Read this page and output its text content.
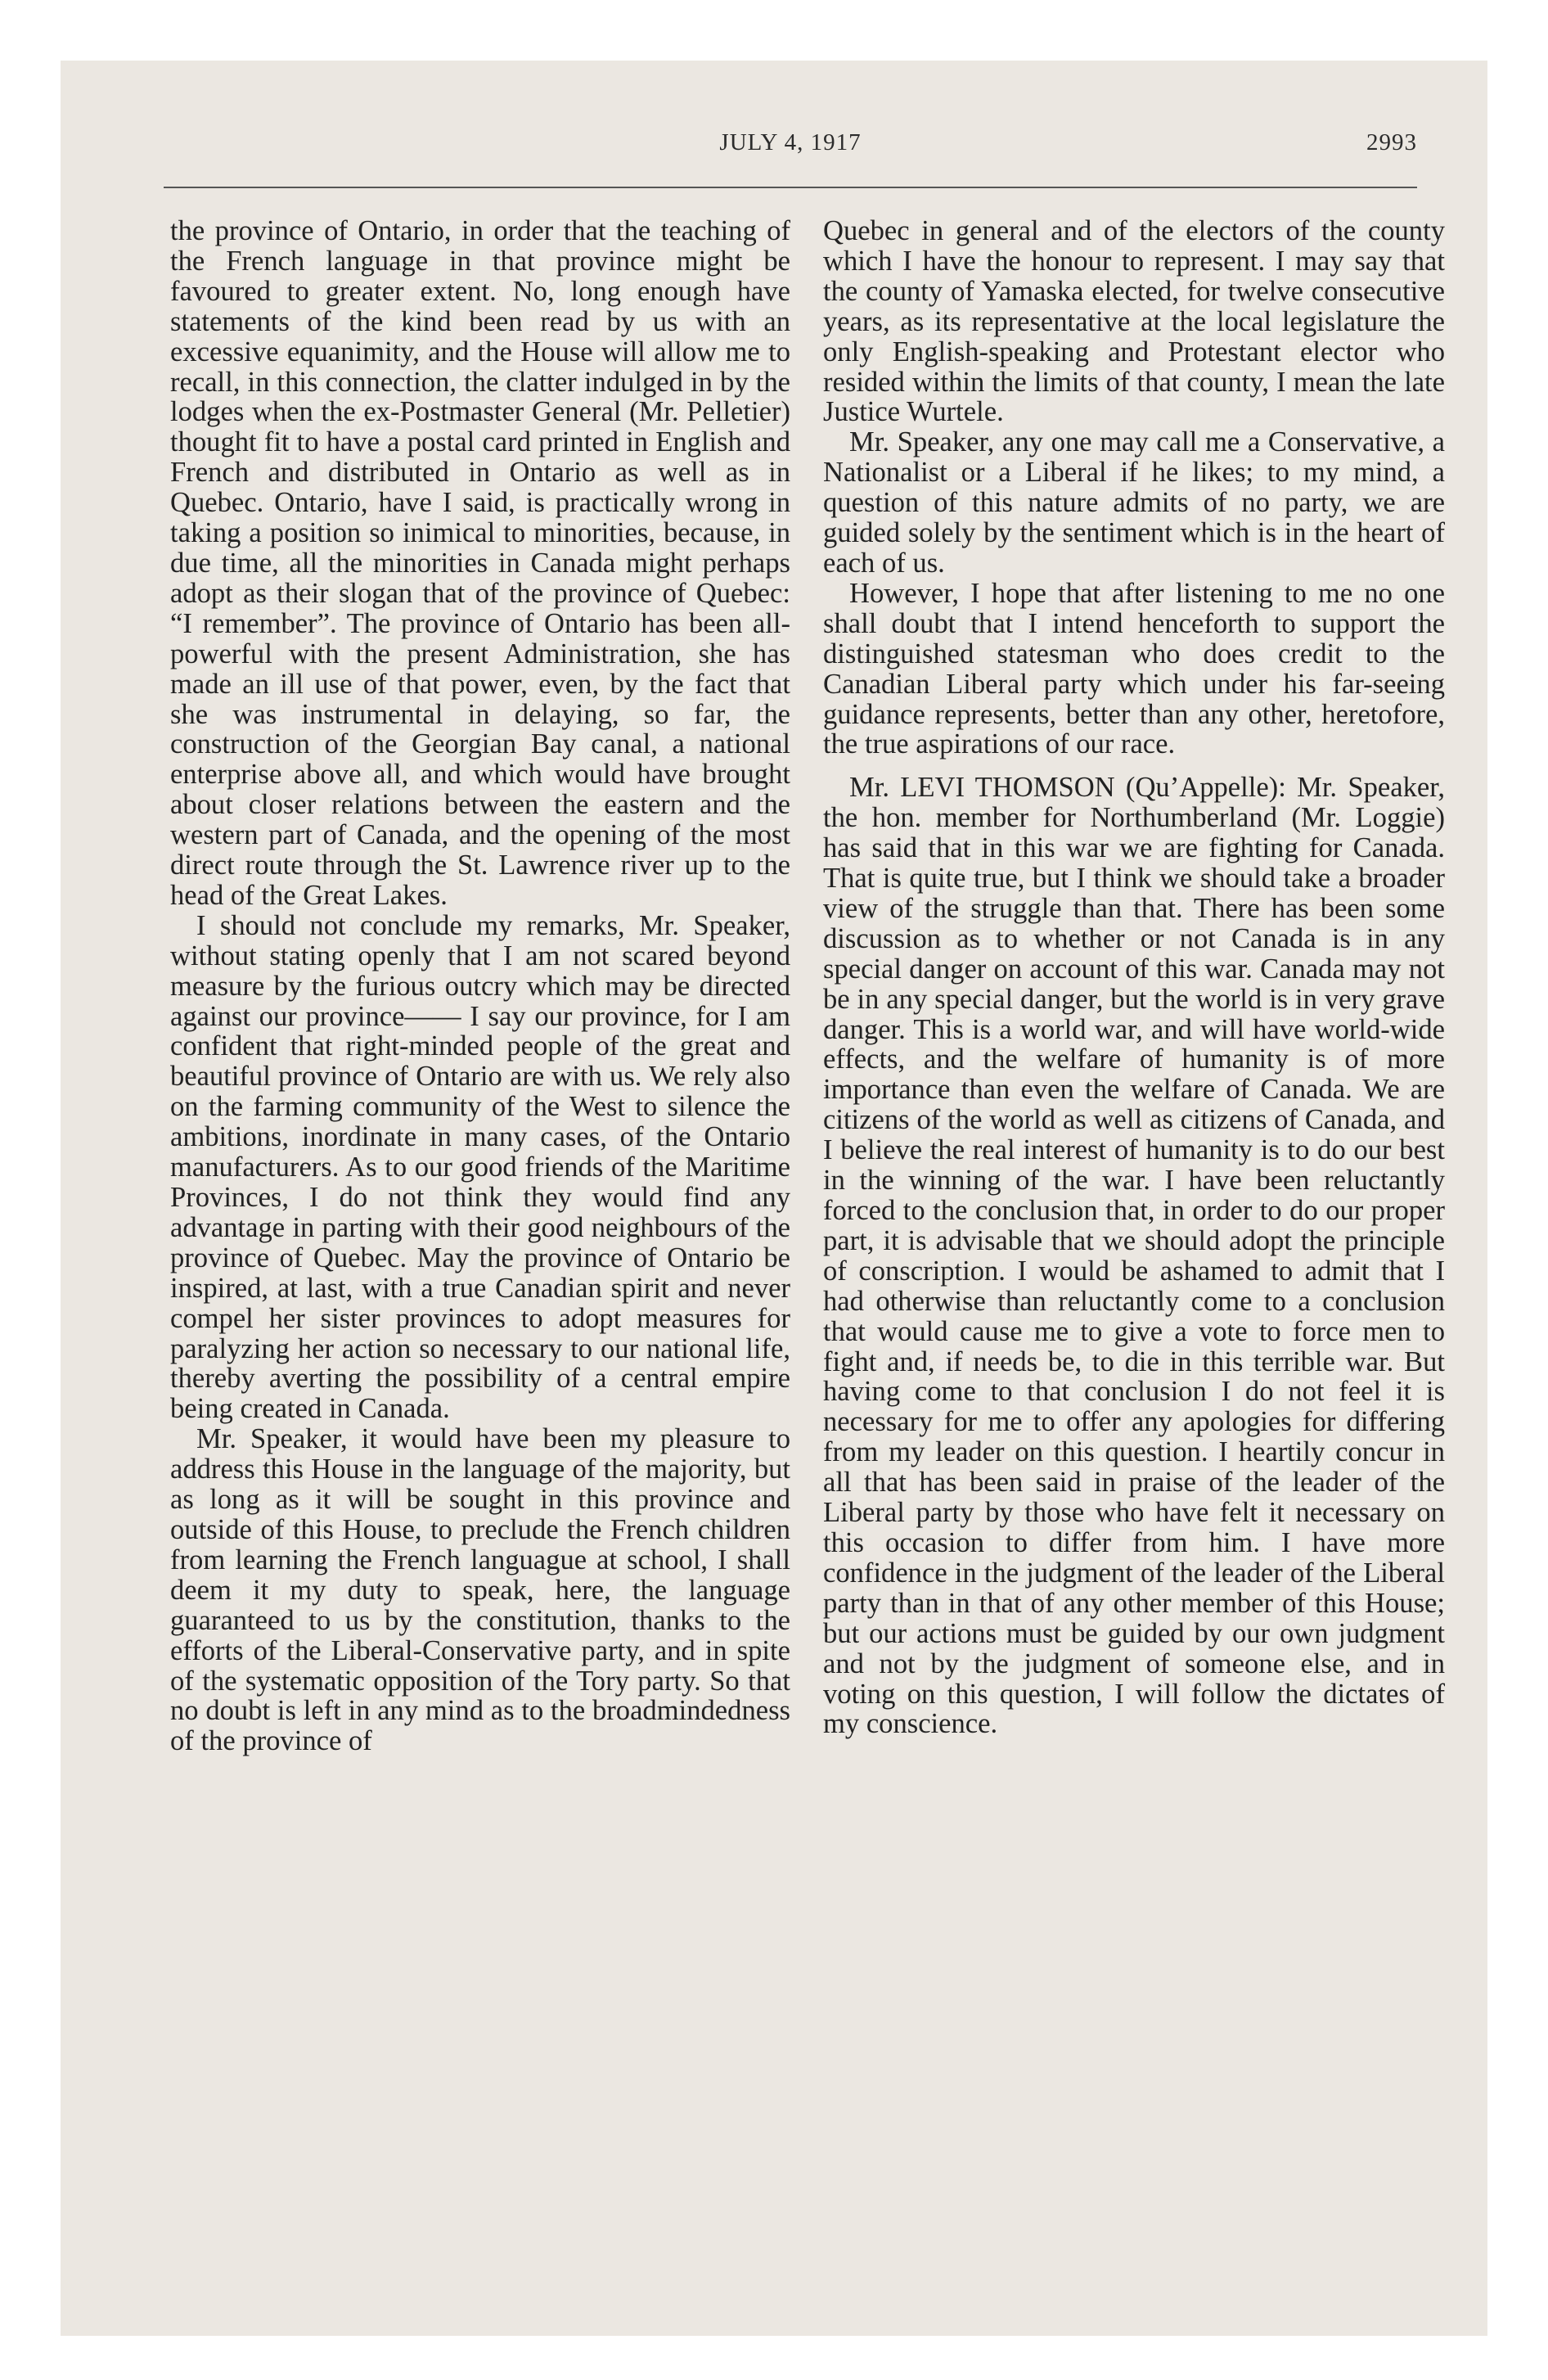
JULY 4, 1917	2993

the province of Ontario, in order that the teaching of the French language in that province might be favoured to greater extent. No, long enough have statements of the kind been read by us with an excessive equanimity, and the House will allow me to recall, in this connection, the clatter indulged in by the lodges when the ex-Postmaster General (Mr. Pelletier) thought fit to have a postal card printed in English and French and distributed in Ontario as well as in Quebec. Ontario, have I said, is practically wrong in taking a position so inimical to minorities, because, in due time, all the minorities in Canada might perhaps adopt as their slogan that of the province of Quebec: “I remember”. The province of Ontario has been all-powerful with the present Administration, she has made an ill use of that power, even, by the fact that she was instrumental in delaying, so far, the construction of the Georgian Bay canal, a national enterprise above all, and which would have brought about closer relations between the eastern and the western part of Canada, and the opening of the most direct route through the St. Lawrence river up to the head of the Great Lakes.

I should not conclude my remarks, Mr. Speaker, without stating openly that I am not scared beyond measure by the furious outcry which may be directed against our province—— I say our province, for I am confident that right-minded people of the great and beautiful province of Ontario are with us. We rely also on the farming community of the West to silence the ambitions, inordinate in many cases, of the Ontario manufacturers. As to our good friends of the Maritime Provinces, I do not think they would find any advantage in parting with their good neighbours of the province of Quebec. May the province of Ontario be inspired, at last, with a true Canadian spirit and never compel her sister provinces to adopt measures for paralyzing her action so necessary to our national life, thereby averting the possibility of a central empire being created in Canada.

Mr. Speaker, it would have been my pleasure to address this House in the language of the majority, but as long as it will be sought in this province and outside of this House, to preclude the French children from learning the French languague at school, I shall deem it my duty to speak, here, the language guaranteed to us by the constitution, thanks to the efforts of the Liberal-Conservative party, and in spite of the systematic opposition of the Tory party. So that no doubt is left in any mind as to the broadmindedness of the province of

Quebec in general and of the electors of the county which I have the honour to represent. I may say that the county of Yamaska elected, for twelve consecutive years, as its representative at the local legislature the only English-speaking and Protestant elector who resided within the limits of that county, I mean the late Justice Wurtele.

Mr. Speaker, any one may call me a Conservative, a Nationalist or a Liberal if he likes; to my mind, a question of this nature admits of no party, we are guided solely by the sentiment which is in the heart of each of us.

However, I hope that after listening to me no one shall doubt that I intend henceforth to support the distinguished statesman who does credit to the Canadian Liberal party which under his far-seeing guidance represents, better than any other, heretofore, the true aspirations of our race.

Mr. LEVI THOMSON (Qu’Appelle): Mr. Speaker, the hon. member for Northumberland (Mr. Loggie) has said that in this war we are fighting for Canada. That is quite true, but I think we should take a broader view of the struggle than that. There has been some discussion as to whether or not Canada is in any special danger on account of this war. Canada may not be in any special danger, but the world is in very grave danger. This is a world war, and will have world-wide effects, and the welfare of humanity is of more importance than even the welfare of Canada. We are citizens of the world as well as citizens of Canada, and I believe the real interest of humanity is to do our best in the winning of the war. I have been reluctantly forced to the conclusion that, in order to do our proper part, it is advisable that we should adopt the principle of conscription. I would be ashamed to admit that I had otherwise than reluctantly come to a conclusion that would cause me to give a vote to force men to fight and, if needs be, to die in this terrible war. But having come to that conclusion I do not feel it is necessary for me to offer any apologies for differing from my leader on this question. I heartily concur in all that has been said in praise of the leader of the Liberal party by those who have felt it necessary on this occasion to differ from him. I have more confidence in the judgment of the leader of the Liberal party than in that of any other member of this House; but our actions must be guided by our own judgment and not by the judgment of someone else, and in voting on this question, I will follow the dictates of my conscience.
